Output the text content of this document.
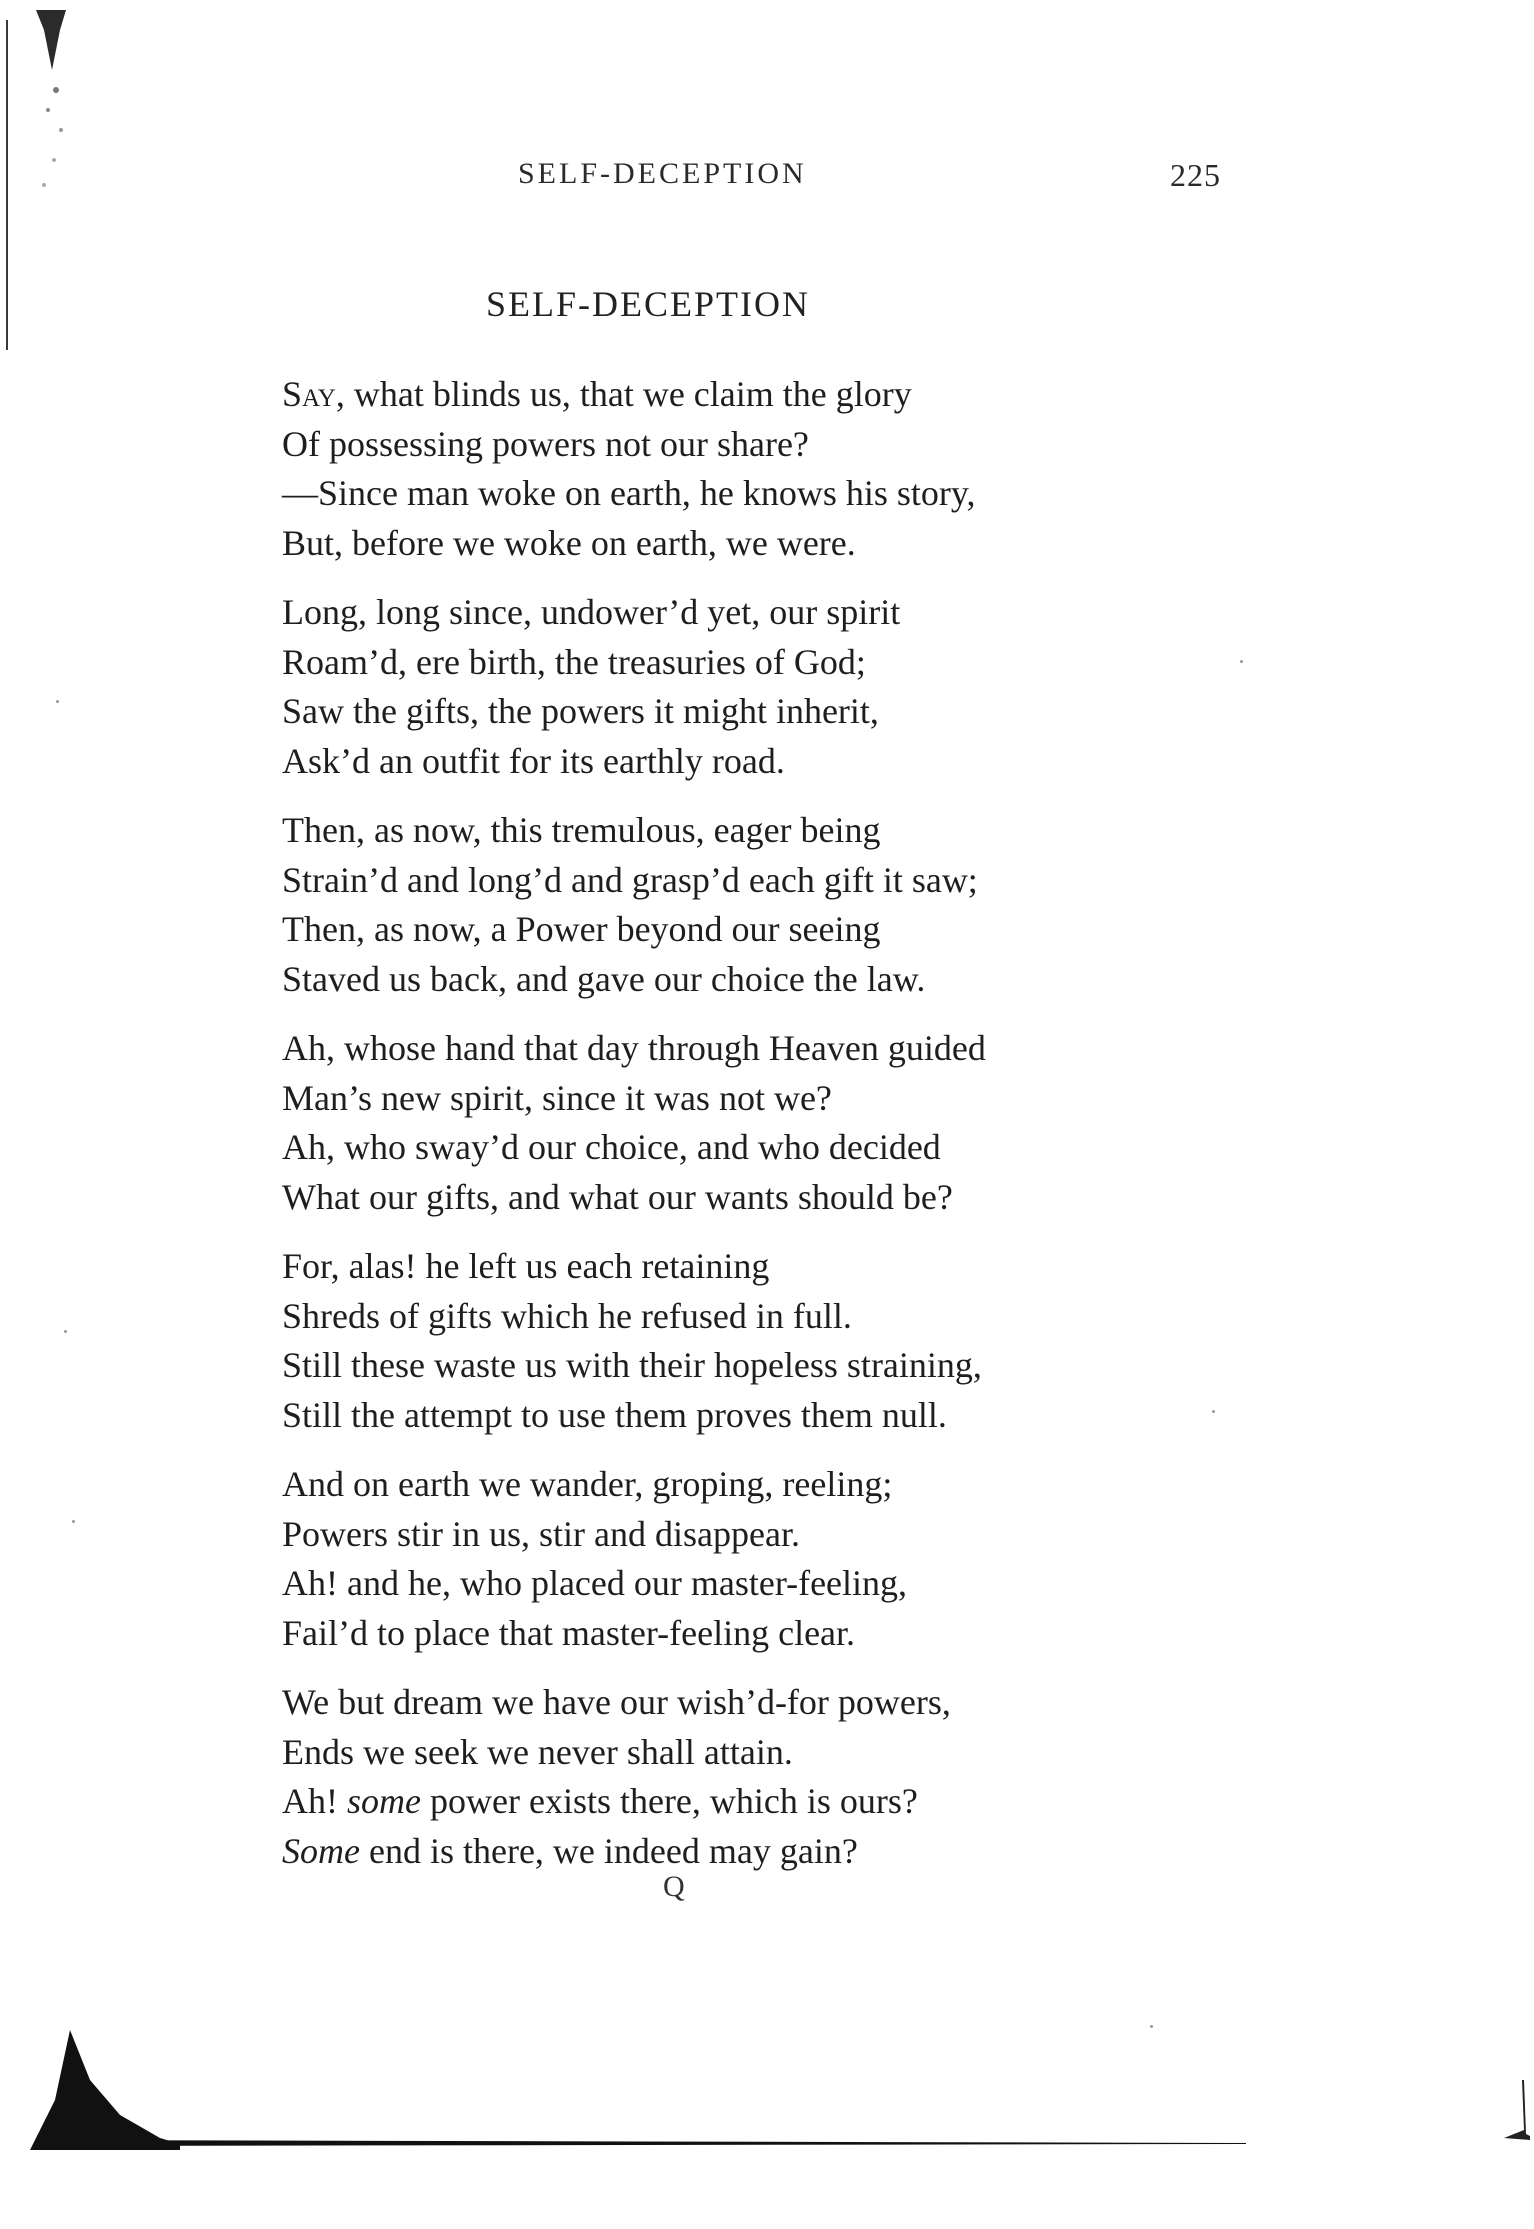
SELF-DECEPTION	225
SELF-DECEPTION
Say, what blinds us, that we claim the glory
Of possessing powers not our share?
—Since man woke on earth, he knows his story,
But, before we woke on earth, we were.
Long, long since, undower’d yet, our spirit
Roam’d, ere birth, the treasuries of God;
Saw the gifts, the powers it might inherit,
Ask’d an outfit for its earthly road.
Then, as now, this tremulous, eager being
Strain’d and long’d and grasp’d each gift it saw;
Then, as now, a Power beyond our seeing
Staved us back, and gave our choice the law.
Ah, whose hand that day through Heaven guided
Man’s new spirit, since it was not we?
Ah, who sway’d our choice, and who decided
What our gifts, and what our wants should be?
For, alas! he left us each retaining
Shreds of gifts which he refused in full.
Still these waste us with their hopeless straining,
Still the attempt to use them proves them null.
And on earth we wander, groping, reeling;
Powers stir in us, stir and disappear.
Ah! and he, who placed our master-feeling,
Fail’d to place that master-feeling clear.
We but dream we have our wish’d-for powers,
Ends we seek we never shall attain.
Ah! some power exists there, which is ours?
Some end is there, we indeed may gain?
Q
